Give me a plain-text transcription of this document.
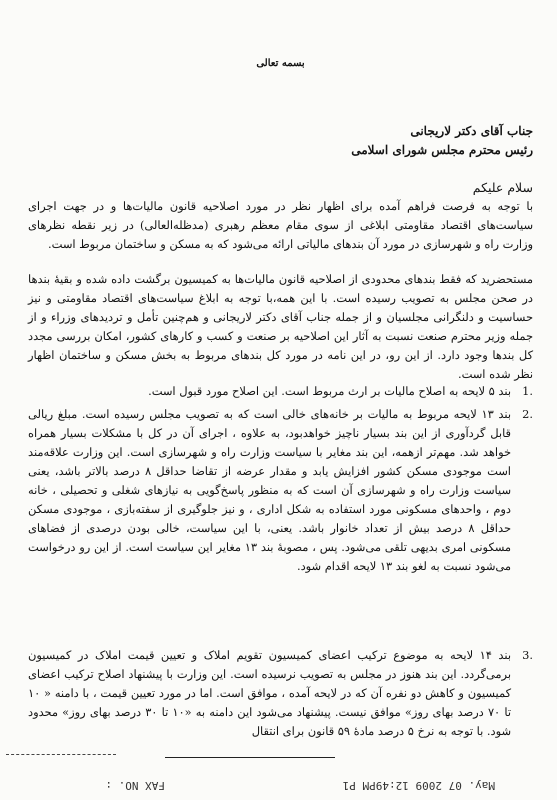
بسمه تعالی
جناب آقای دکتر لاریجانی
رئیس محترم مجلس شورای اسلامی
سلام علیکم
با توجه به فرصت فراهم آمده برای اظهار نظر در مورد اصلاحیه قانون مالیات‌ها و در جهت اجرای سیاست‌های اقتصاد مقاومتی ابلاغی از سوی مقام معظم رهبری (مدظله‌العالی) در زیر نقطه نظرهای وزارت راه و شهرسازی در مورد آن بندهای مالیاتی ارائه می‌شود که به مسکن و ساختمان مربوط است.
مستحضرید که فقط بندهای محدودی از اصلاحیه قانون مالیات‌ها به کمیسیون برگشت داده شده و بقیهٔ بندها در صحن مجلس به تصویب رسیده است. با این همه،با توجه به ابلاغ سیاست‌های اقتصاد مقاومتی و نیز حساسیت و دلنگرانی مجلسیان و از جمله جناب آقای دکتر لاریجانی و هم‌چنین تأمل و تردیدهای وزراء و از جمله وزیر محترم صنعت نسبت به آثار این اصلاحیه بر صنعت و کسب و کارهای کشور، امکان بررسی مجدد کل بندها وجود دارد. از این رو، در این نامه در مورد کل بندهای مربوط به بخش مسکن و ساختمان اظهار نظر شده است.
.1
بند ۵ لایحه به اصلاح مالیات بر ارث مربوط است. این اصلاح مورد قبول است.
.2
بند ۱۳ لایحه مربوط به مالیات بر خانه‌های خالی است که به تصویب مجلس رسیده است. مبلغ ریالی قابل گردآوری از این بند بسیار ناچیز خواهد‌بود، به علاوه ، اجرای آن در کل با مشکلات بسیار همراه خواهد شد. مهم‌تر ازهمه، این بند مغایر با سیاست وزارت راه و شهرسازی است. این وزارت علاقه‌مند است موجودی مسکن کشور افزایش یابد و مقدار عرضه از تقاضا حداقل ۸ درصد بالاتر باشد، یعنی سیاست وزارت راه و شهرسازی آن است که به منظور پاسخ‌گویی به نیازهای شغلی و تحصیلی ، خانه دوم ، واحدهای مسکونی مورد استفاده به شکل اداری ، و نیز جلوگیری از سفته‌بازی ، موجودی مسکن حداقل ۸ درصد بیش از تعداد خانوار باشد. یعنی، با این سیاست، خالی بودن درصدی از فضاهای مسکونی امری بدیهی تلقی می‌شود. پس ، مصوبهٔ بند ۱۳ مغایر این سیاست است. از این رو درخواست می‌شود نسبت به لغو بند ۱۳ لایحه اقدام شود.
.3
بند ۱۴ لایحه به موضوع ترکیب اعضای کمیسیون تقویم املاک و تعیین قیمت املاک در کمیسیون برمی‌گردد. این بند هنوز در مجلس به تصویب نرسیده است. این وزارت با پیشنهاد اصلاح ترکیب اعضای کمیسیون و کاهش دو نفره آن که در لایحه آمده ، موافق است. اما در مورد تعیین قیمت ، با دامنه « ۱۰ تا ۷۰ درصد بهای روز» موافق نیست. پیشنهاد می‌شود این دامنه به «۱۰ تا ۳۰ درصد بهای روز» محدود شود. با توجه به نرخ ۵ درصد مادهٔ ۵۹ قانون برای انتقال
May. 07 2009 12:49PM P1
FAX NO. :
